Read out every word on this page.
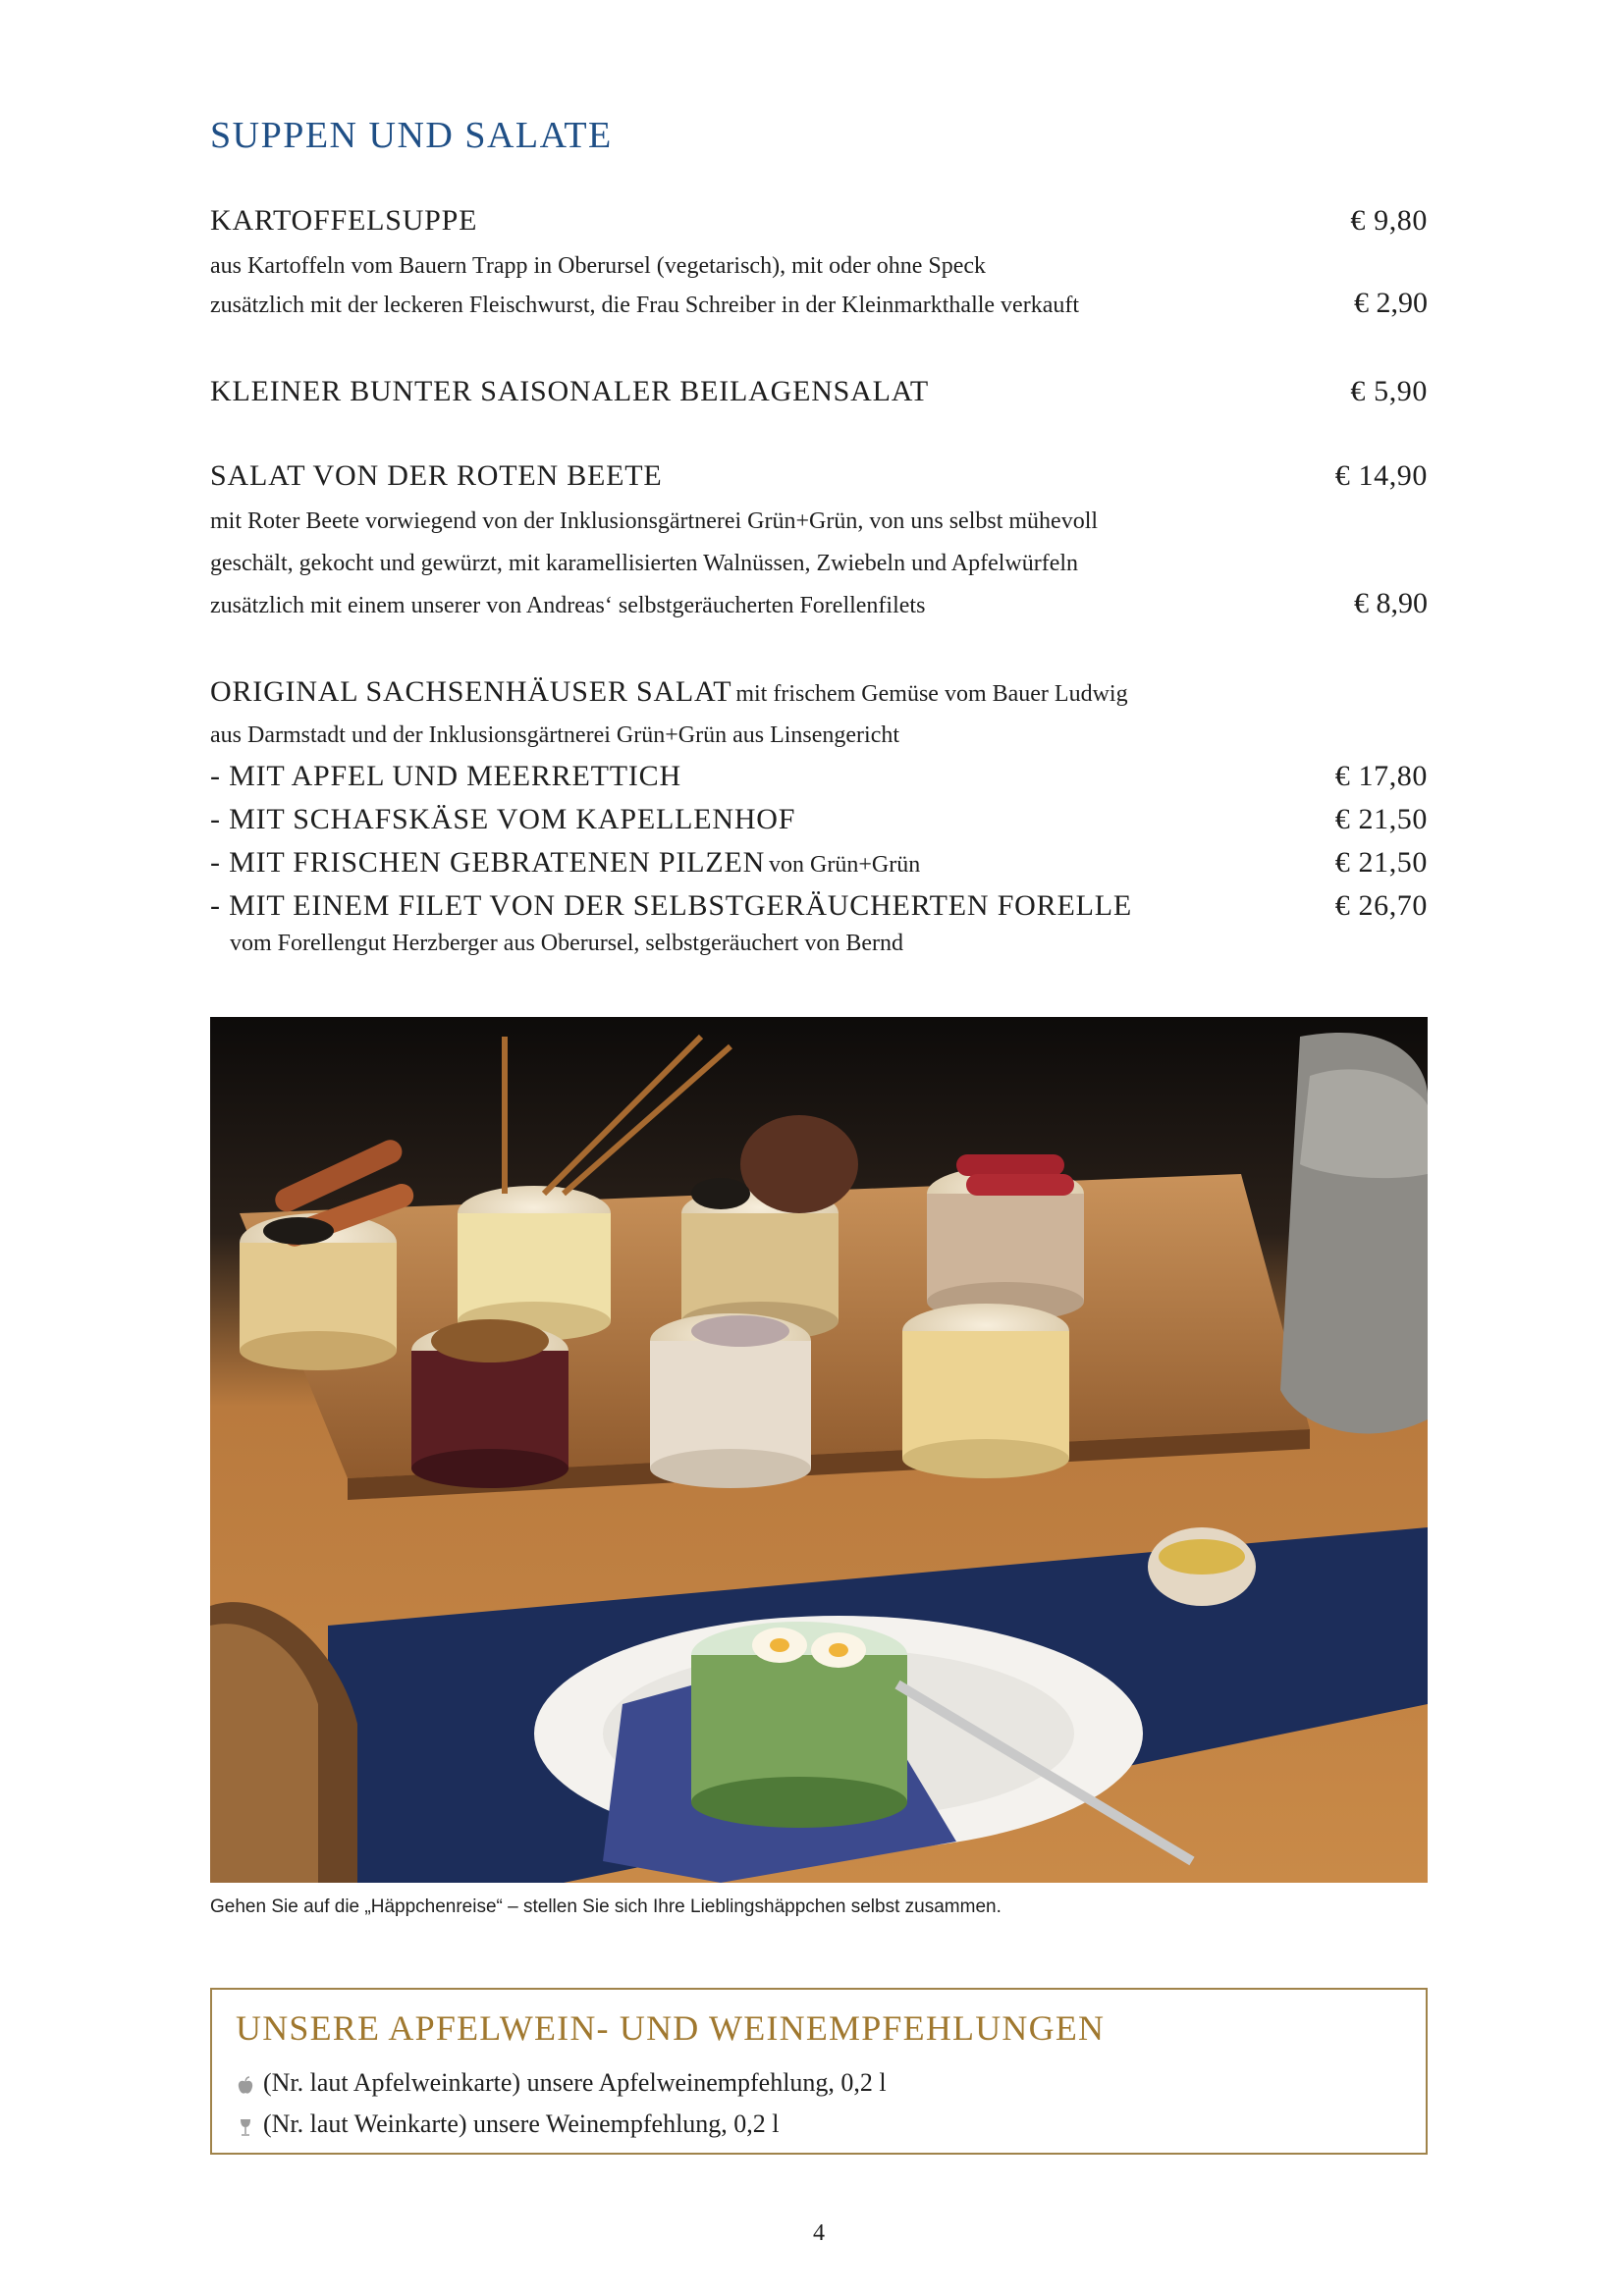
SUPPEN UND SALATE
KARTOFFELSUPPE	€ 9,80
aus Kartoffeln vom Bauern Trapp in Oberursel (vegetarisch), mit oder ohne Speck
zusätzlich mit der leckeren Fleischwurst, die Frau Schreiber in der Kleinmarkthalle verkauft	€ 2,90
KLEINER BUNTER SAISONALER BEILAGENSALAT	€ 5,90
SALAT VON DER ROTEN BEETE	€ 14,90
mit Roter Beete vorwiegend von der Inklusionsgärtnerei Grün+Grün, von uns selbst mühevoll
geschält, gekocht und gewürzt, mit karamellisierten Walnüssen, Zwiebeln und Apfelwürfeln
zusätzlich mit einem unserer von Andreas‘ selbstgeräucherten Forellenfilets	€ 8,90
ORIGINAL SACHSENHÄUSER SALAT mit frischem Gemüse vom Bauer Ludwig
aus Darmstadt und der Inklusionsgärtnerei Grün+Grün aus Linsengericht
- MIT APFEL UND MEERRETTICH	€ 17,80
- MIT SCHAFSKÄSE VOM KAPELLENHOF	€ 21,50
- MIT FRISCHEN GEBRATENEN PILZEN von Grün+Grün	€ 21,50
- MIT EINEM FILET VON DER SELBSTGERÄUCHERTEN FORELLE	€ 26,70
vom Forellengut Herzberger aus Oberursel, selbstgeräuchert von Bernd
Gehen Sie auf die „Häppchenreise“ – stellen Sie sich Ihre Lieblingshäppchen selbst zusammen.
UNSERE APFELWEIN- UND WEINEMPFEHLUNGEN
(Nr. laut Apfelweinkarte) unsere Apfelweinempfehlung, 0,2 l
(Nr. laut Weinkarte) unsere Weinempfehlung, 0,2 l
4
